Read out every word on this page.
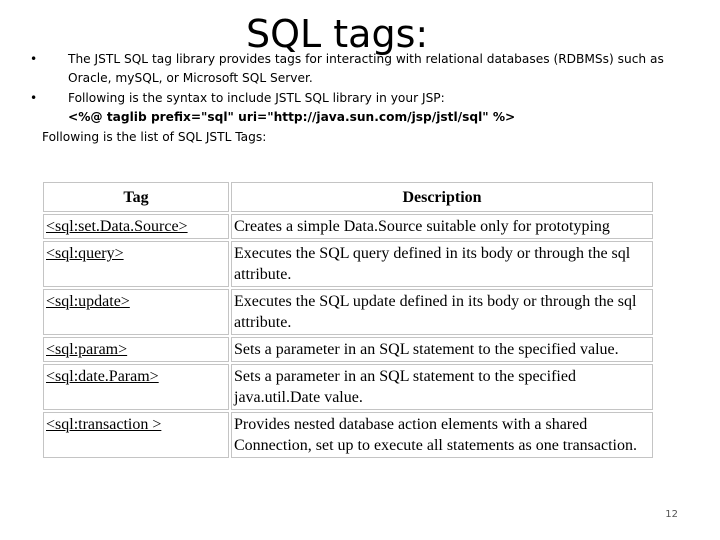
SQL tags:
•	The JSTL SQL tag library provides tags for interacting with relational databases (RDBMSs) such as Oracle, mySQL, or Microsoft SQL Server.
•	Following is the syntax to include JSTL SQL library in your JSP:
<%@ taglib prefix="sql" uri="http://java.sun.com/jsp/jstl/sql" %>
Following is the list of SQL JSTL Tags:
Tag	Description
<sql:set.Data.Source>	Creates a simple Data.Source suitable only for prototyping
<sql:query>	Executes the SQL query defined in its body or through the sql attribute.
<sql:update>	Executes the SQL update defined in its body or through the sql attribute.
<sql:param>	Sets a parameter in an SQL statement to the specified value.
<sql:date.Param>	Sets a parameter in an SQL statement to the specified java.util.Date value.
<sql:transaction >	Provides nested database action elements with a shared Connection, set up to execute all statements as one transaction.
12
